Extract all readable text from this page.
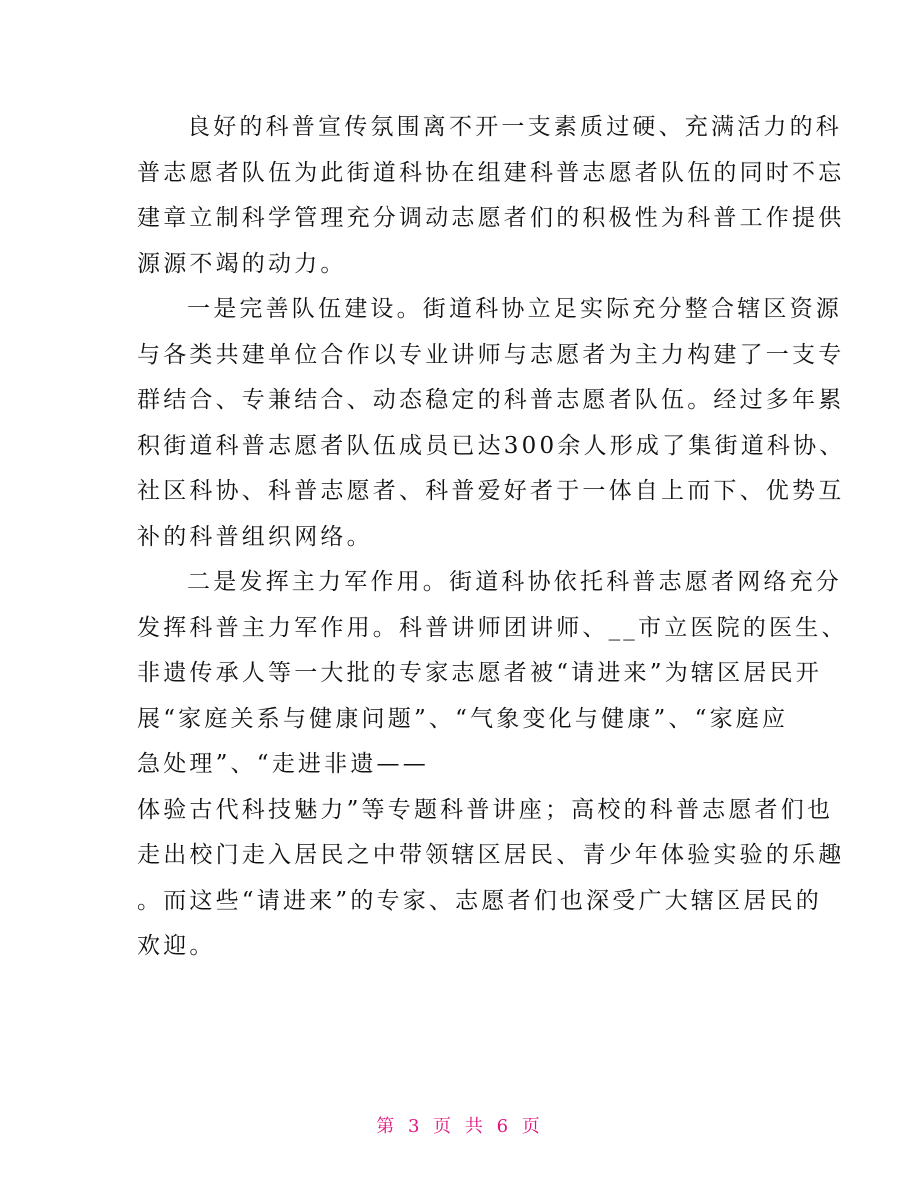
良好的科普宣传氛围离不开一支素质过硬、充满活力的科
普志愿者队伍为此街道科协在组建科普志愿者队伍的同时不忘
建章立制科学管理充分调动志愿者们的积极性为科普工作提供
源源不竭的动力。
一是完善队伍建设。街道科协立足实际充分整合辖区资源
与各类共建单位合作以专业讲师与志愿者为主力构建了一支专
群结合、专兼结合、动态稳定的科普志愿者队伍。经过多年累
积街道科普志愿者队伍成员已达300余人形成了集街道科协、
社区科协、科普志愿者、科普爱好者于一体自上而下、优势互
补的科普组织网络。
二是发挥主力军作用。街道科协依托科普志愿者网络充分
发挥科普主力军作用。科普讲师团讲师、__市立医院的医生、
非遗传承人等一大批的专家志愿者被“请进来”为辖区居民开
展“家庭关系与健康问题”、“气象变化与健康”、“家庭应
急处理”、“走进非遗——
体验古代科技魅力”等专题科普讲座；高校的科普志愿者们也
走出校门走入居民之中带领辖区居民、青少年体验实验的乐趣
。而这些“请进来”的专家、志愿者们也深受广大辖区居民的
欢迎。
第 3 页 共 6 页
